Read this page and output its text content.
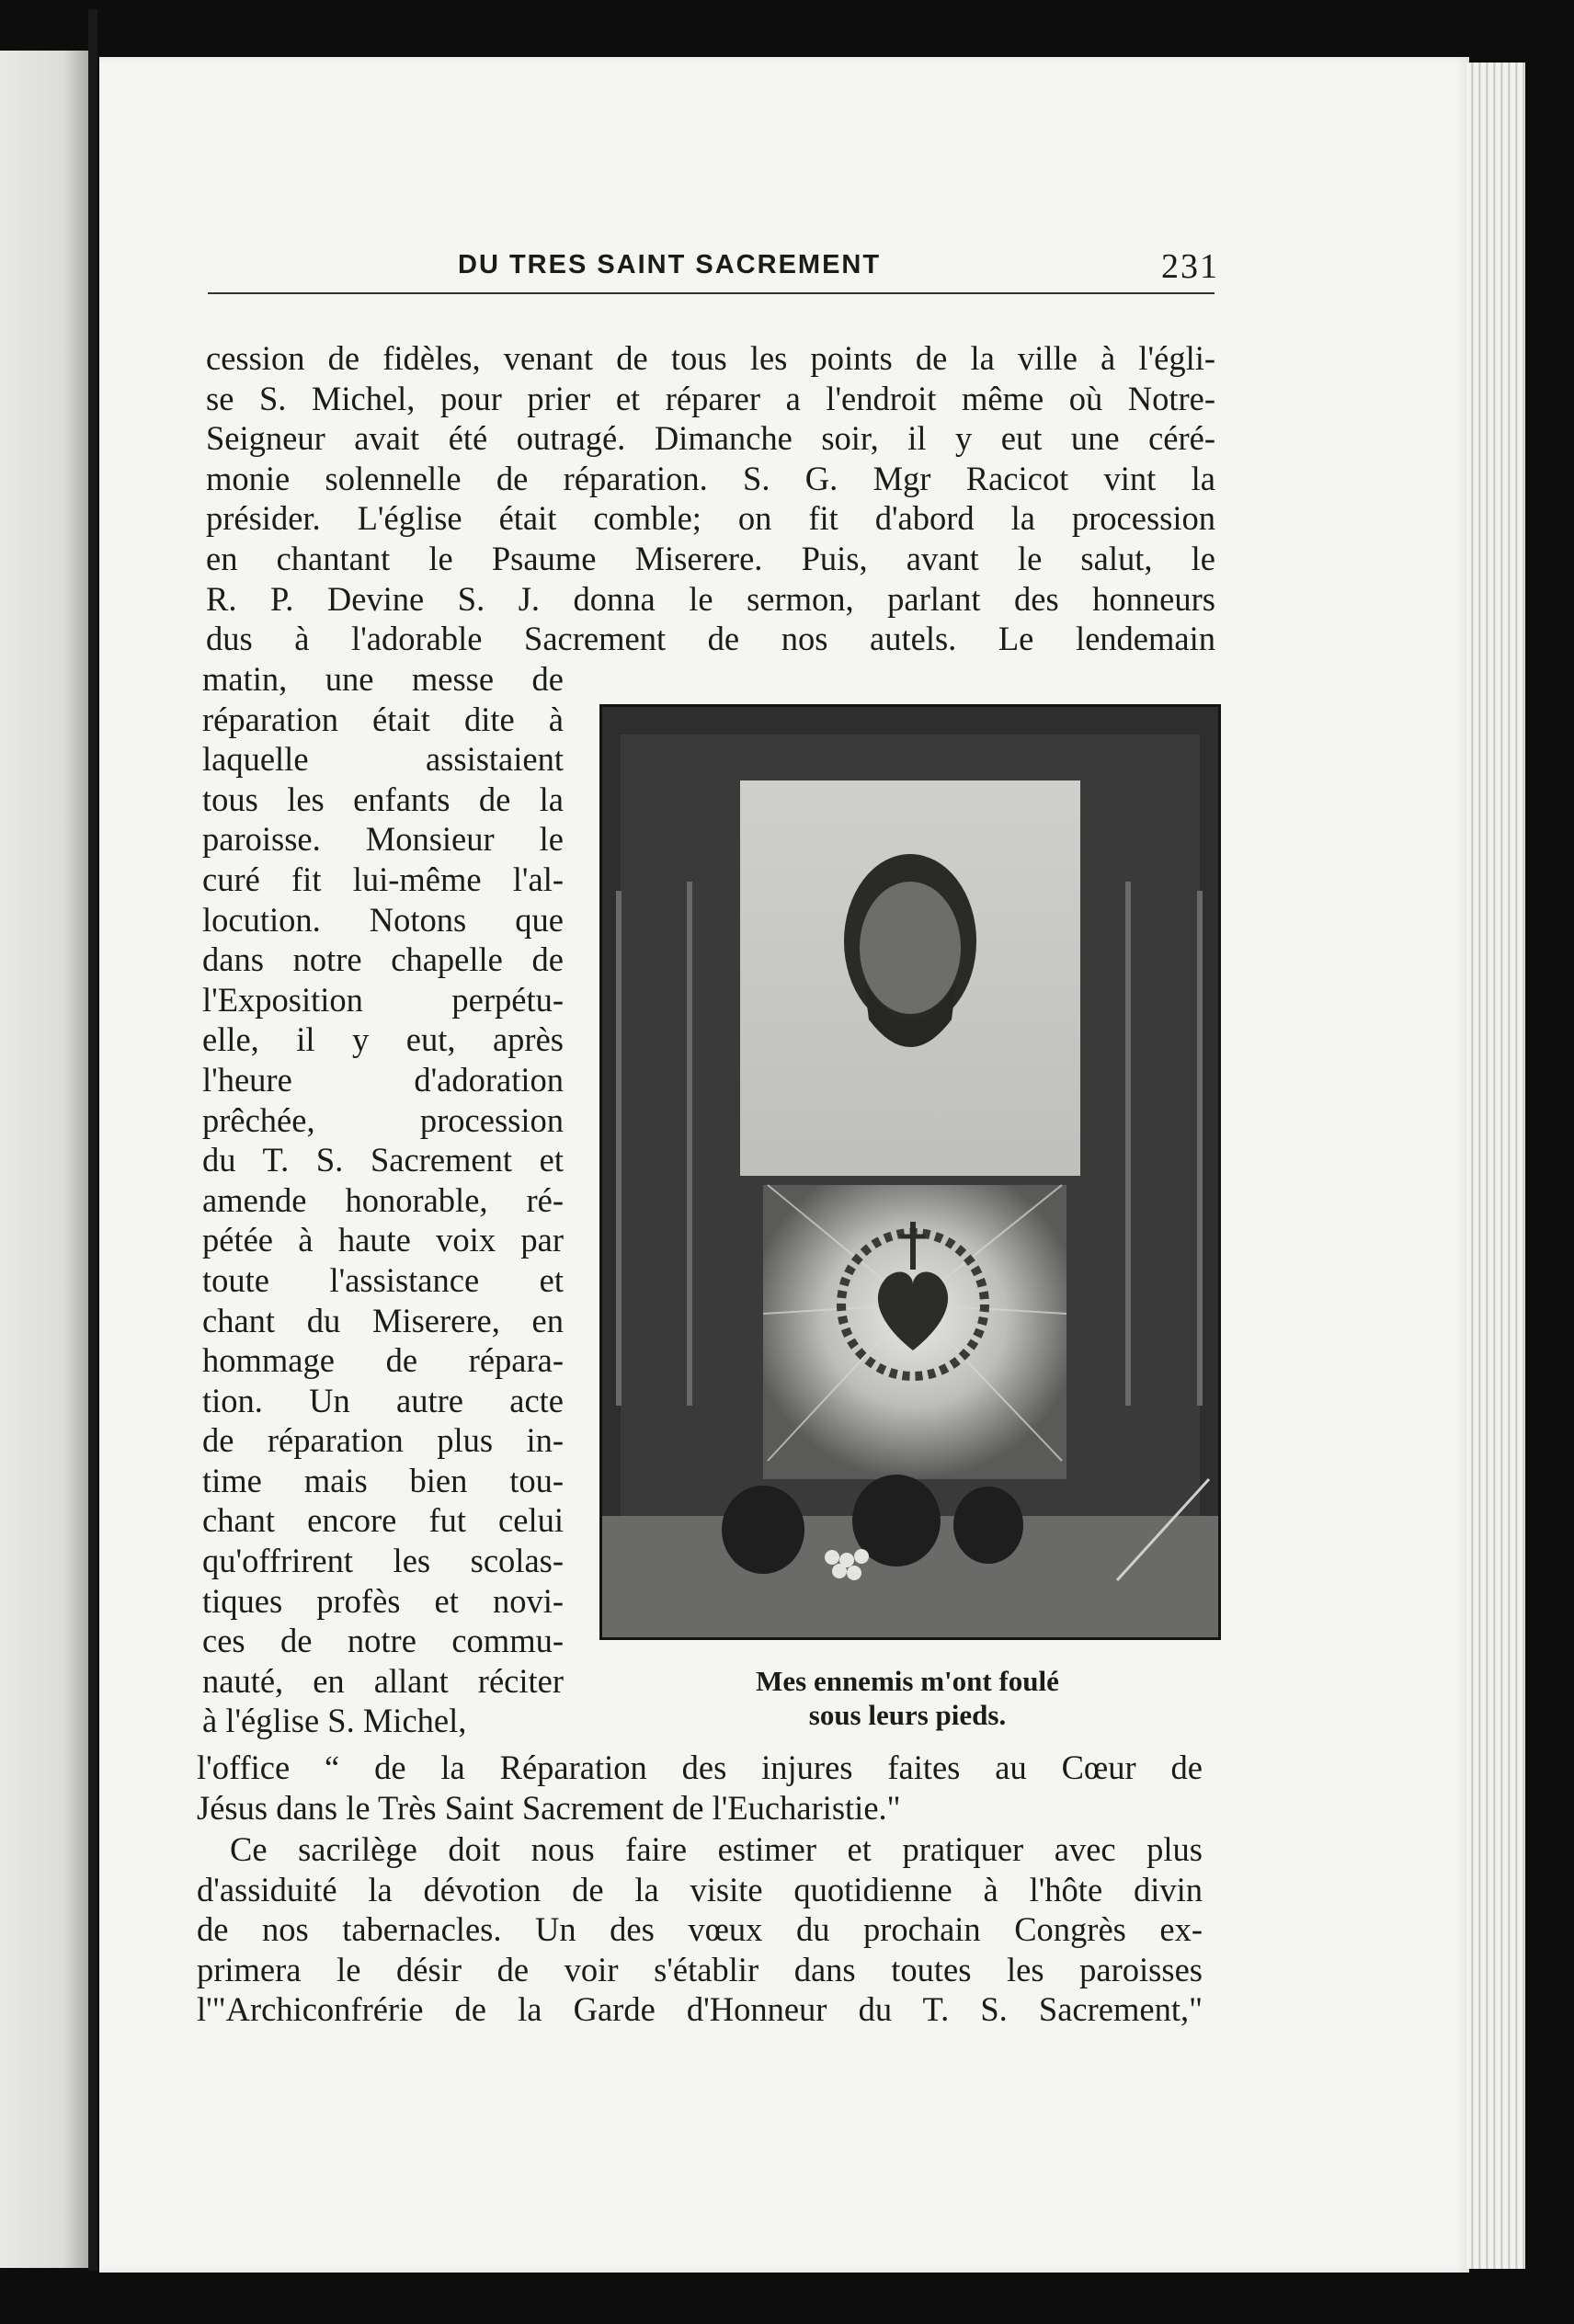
DU TRES SAINT SACREMENT	231
cession de fidèles, venant de tous les points de la ville à l'égli-
se S. Michel, pour prier et réparer a l'endroit même où Notre-
Seigneur avait été outragé. Dimanche soir, il y eut une céré-
monie solennelle de réparation. S. G. Mgr Racicot vint la
présider. L'église était comble; on fit d'abord la procession
en chantant le Psaume Miserere. Puis, avant le salut, le
R. P. Devine S. J. donna le sermon, parlant des honneurs
dus à l'adorable Sacrement de nos autels. Le lendemain
matin, une messe de
réparation était dite à
laquelle assistaient
tous les enfants de la
paroisse. Monsieur le
curé fit lui-même l'al-
locution. Notons que
dans notre chapelle de
l'Exposition perpétu-
elle, il y eut, après
l'heure d'adoration
prêchée, procession
du T. S. Sacrement et
amende honorable, ré-
pétée à haute voix par
toute l'assistance et
chant du Miserere, en
hommage de répara-
tion. Un autre acte
de réparation plus in-
time mais bien tou-
chant encore fut celui
qu'offrirent les scolas-
tiques profès et novi-
ces de notre commu-
nauté, en allant réciter
à l'église S. Michel,
Mes ennemis m'ont foulé
sous leurs pieds.
l'office “ de la Réparation des injures faites au Cœur de
Jésus dans le Très Saint Sacrement de l'Eucharistie."
Ce sacrilège doit nous faire estimer et pratiquer avec plus
d'assiduité la dévotion de la visite quotidienne à l'hôte divin
de nos tabernacles. Un des vœux du prochain Congrès ex-
primera le désir de voir s'établir dans toutes les paroisses
l'"Archiconfrérie de la Garde d'Honneur du T. S. Sacrement,"
